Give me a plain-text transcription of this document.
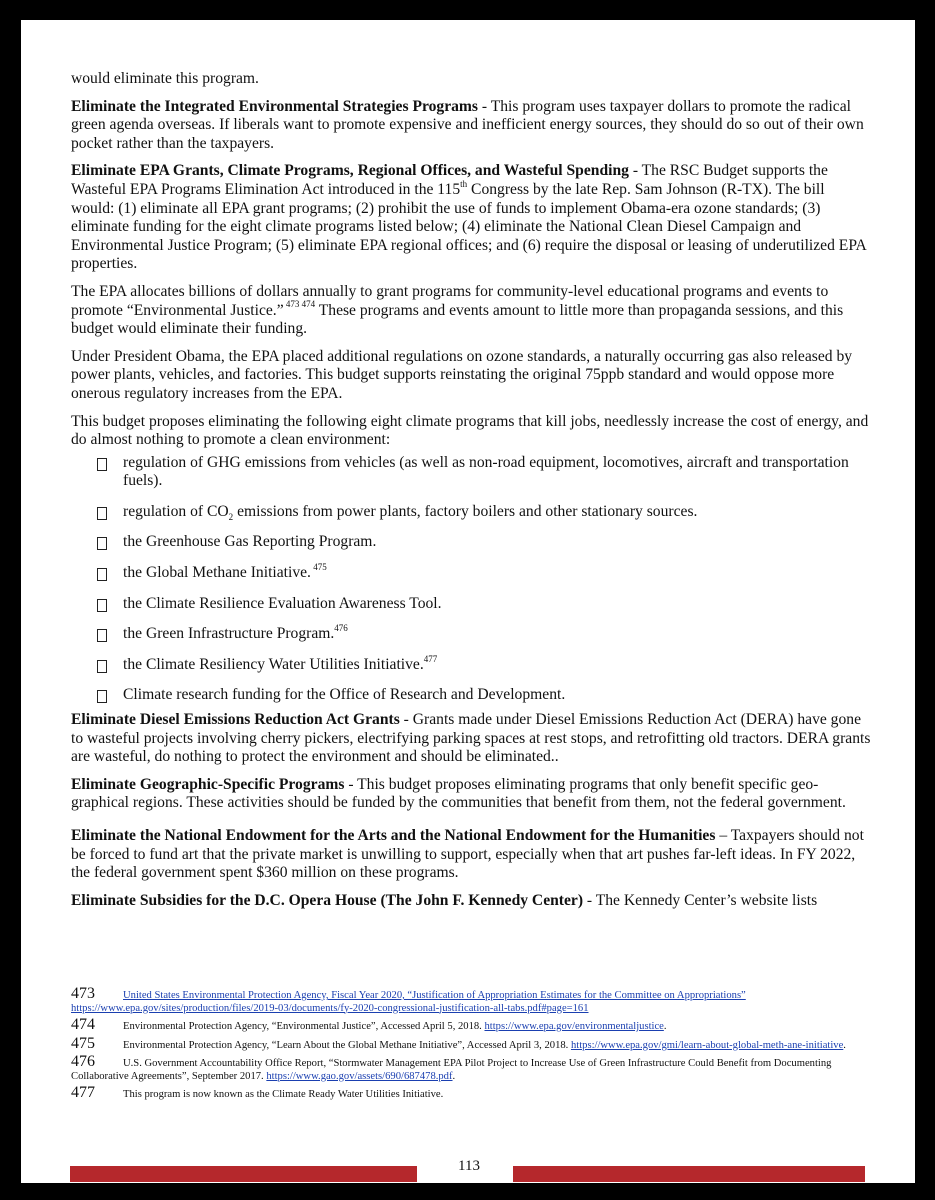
would eliminate this program.

Eliminate the Integrated Environmental Strategies Programs - This program uses taxpayer dollars to promote the radical green agenda overseas. If liberals want to promote expensive and inefficient energy sources, they should do so out of their own pocket rather than the taxpayers.

Eliminate EPA Grants, Climate Programs, Regional Offices, and Wasteful Spending - The RSC Budget supports the Wasteful EPA Programs Elimination Act introduced in the 115th Congress by the late Rep. Sam Johnson (R-TX). The bill would: (1) eliminate all EPA grant programs; (2) prohibit the use of funds to implement Obama-era ozone standards; (3) eliminate funding for the eight climate programs listed below; (4) eliminate the National Clean Diesel Campaign and Environmental Justice Program; (5) eliminate EPA regional offices; and (6) require the disposal or leasing of underutilized EPA properties.

The EPA allocates billions of dollars annually to grant programs for community-level educational programs and events to promote “Environmental Justice.” $^{473 474}$ These programs and events amount to little more than propaganda sessions, and this budget would eliminate their funding.

Under President Obama, the EPA placed additional regulations on ozone standards, a naturally occurring gas also released by power plants, vehicles, and factories. This budget supports reinstating the original 75ppb standard and would oppose more onerous regulatory increases from the EPA.

This budget proposes eliminating the following eight climate programs that kill jobs, needlessly increase the cost of energy, and do almost nothing to promote a clean environment:

regulation of GHG emissions from vehicles (as well as non-road equipment, locomotives, aircraft and transportation fuels).
regulation of $CO_2$ emissions from power plants, factory boilers and other stationary sources.
the Greenhouse Gas Reporting Program.
the Global Methane Initiative. $^{475}$
the Climate Resilience Evaluation Awareness Tool.
the Green Infrastructure Program.$^{476}$
the Climate Resiliency Water Utilities Initiative.$^{477}$
Climate research funding for the Office of Research and Development.

Eliminate Diesel Emissions Reduction Act Grants - Grants made under Diesel Emissions Reduction Act (DERA) have gone to wasteful projects involving cherry pickers, electrifying parking spaces at rest stops, and retrofitting old tractors. DERA grants are wasteful, do nothing to protect the environment and should be eliminated..

Eliminate Geographic-Specific Programs - This budget proposes eliminating programs that only benefit specific geographical regions. These activities should be funded by the communities that benefit from them, not the federal government.

Eliminate the National Endowment for the Arts and the National Endowment for the Humanities – Taxpayers should not be forced to fund art that the private market is unwilling to support, especially when that art pushes far-left ideas. In FY 2022, the federal government spent $360 million on these programs.

Eliminate Subsidies for the D.C. Opera House (The John F. Kennedy Center) - The Kennedy Center’s website lists

473	United States Environmental Protection Agency, Fiscal Year 2020, “Justification of Appropriation Estimates for the Committee on Appropriations” https://www.epa.gov/sites/production/files/2019-03/documents/fy-2020-congressional-justification-all-tabs.pdf#page=161
474	Environmental Protection Agency, “Environmental Justice”, Accessed April 5, 2018. https://www.epa.gov/environmentaljustice.
475	Environmental Protection Agency, “Learn About the Global Methane Initiative”, Accessed April 3, 2018. https://www.epa.gov/gmi/learn-about-global-meth-ane-initiative.
476	U.S. Government Accountability Office Report, “Stormwater Management EPA Pilot Project to Increase Use of Green Infrastructure Could Benefit from Documenting Collaborative Agreements”, September 2017. https://www.gao.gov/assets/690/687478.pdf.
477	This program is now known as the Climate Ready Water Utilities Initiative.
113
